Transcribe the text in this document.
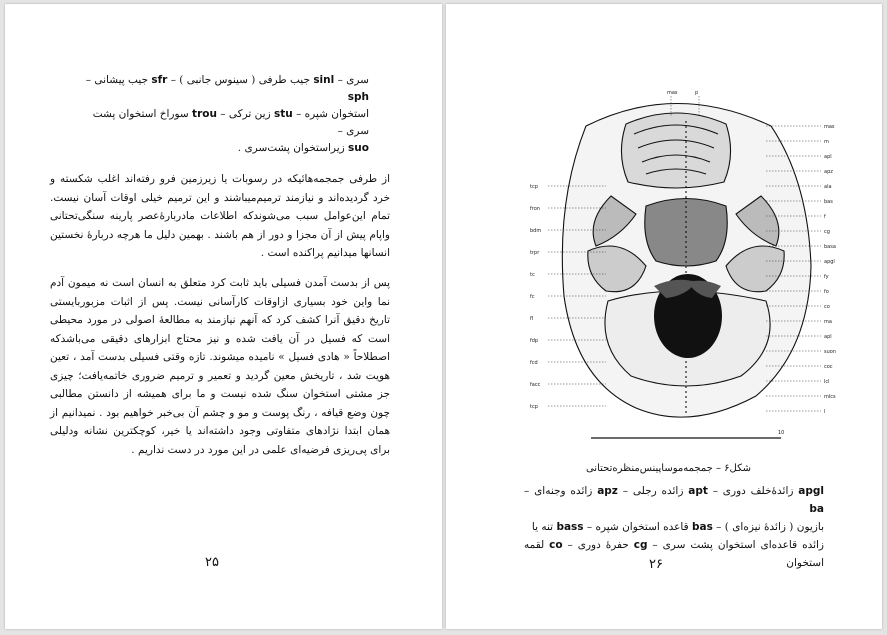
سری – sinl جیب طرفی ( سینوس جانبی ) – sfr جیب پیشانی – sph
استخوان شپره – stu زین ترکی – trou سوراخ استخوان پشت سری –
suo زیراستخوان پشت‌سری .

از طرفی جمجمه‌هائیکه در رسوبات یا زیرزمین فرو رفته‌اند اغلب شکسته و خرد گردیده‌اند و نیازمند ترمیم‌میباشند و این ترمیم خیلی اوقات آسان نیست. تمام این‌عوامل سبب می‌شوندکه اطلاعات مادربارۀعصر پارینه سنگی‌تحتانی واپام پیش از آن مجزا و دور از هم باشند . بهمین دلیل ما هرچه دربارۀ نخستین انسانها میدانیم پراکنده است .

پس از بدست آمدن فسیلی باید ثابت کرد متعلق به انسان است نه میمون آدم نما واین خود بسیاری ازاوقات کارآسانی نیست. پس از اثبات مزبوربایستی تاریخ دقیق آنرا کشف کرد که آنهم نیازمند به مطالعۀ اصولی در مورد محیطی است که فسیل در آن یافت شده و نیز محتاج ابزارهای دقیقی می‌باشدکه اصطلاحاً « هادی فسیل » نامیده میشوند. تازه وقتی فسیلی بدست آمد ، تعین هویت شد ، تاریخش معین گردید و تعمیر و ترمیم ضروری خاتمه‌یافت؛ چیزی جز مشتی استخوان سنگ شده نیست و ما برای همیشه از دانستن مطالبی چون وضع قیافه ، رنگ پوست و مو و چشم آن بی‌خبر خواهیم بود . نمیدانیم از همان ابتدا نژادهای متفاوتی وجود داشته‌اند یا خیر، کوچکترین نشانه ودلیلی برای پی‌ریزی فرضیه‌ای علمی در این مورد در دست نداریم .

۲۵
mas	p
mas
m
apl
apz
ala
bas
f
cg
basa
apgl
fy
fo
co
ma
apl
suon
coc
lcl
mlcs
l
tcp
fron
bdm
trpr
tc
fc
fl
fdp
fcd
facc
tcp
10
شکل۶ – جمجمه‌موساپینس‌منظره‌تحتانی
apgl زائدۀخلف دوری – apt زائده رجلی – apz زائده وجنه‌ای – ba
بازیون ( زائدۀ نیزه‌ای ) – bas قاعده استخوان شپره – bass تنه یا
زائده قاعده‌ای استخوان پشت سری – cg حفرۀ دوری – co لقمه استخوان
۲۶
